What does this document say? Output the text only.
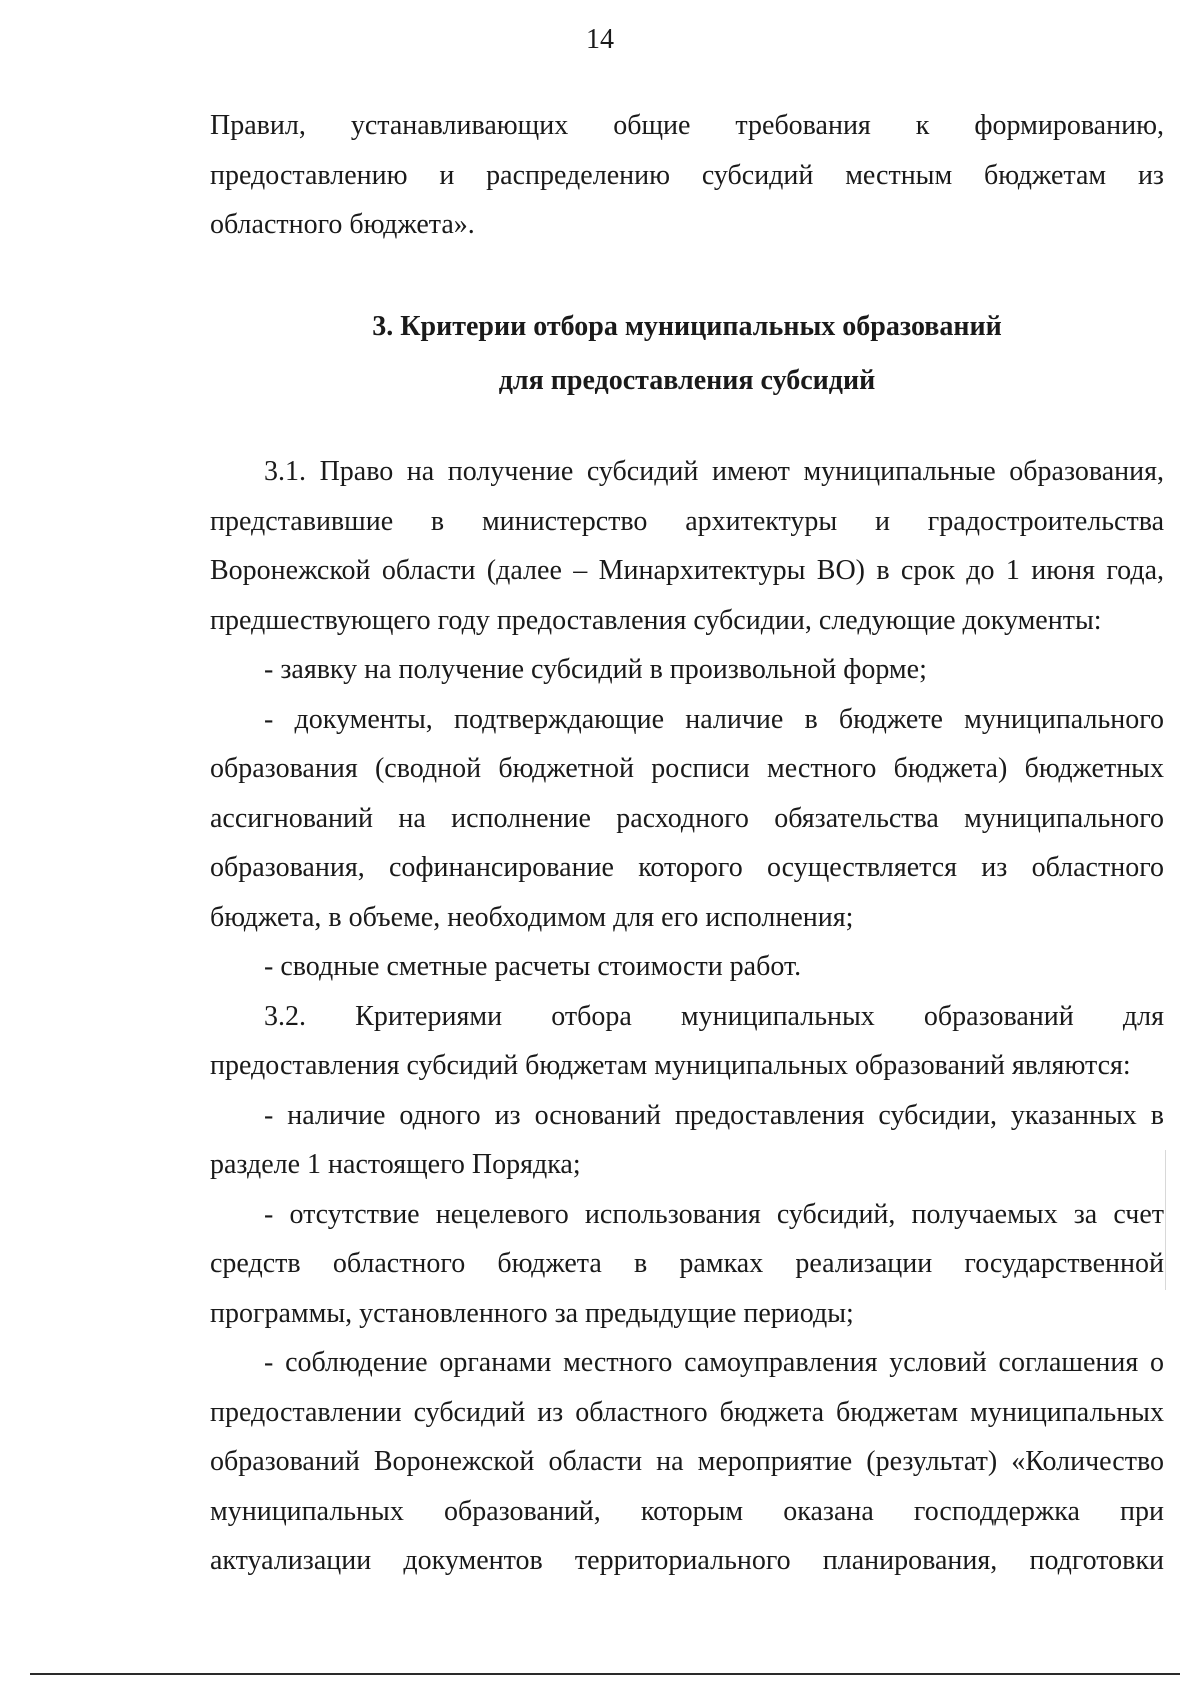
14
Правил, устанавливающих общие требования к формированию,
предоставлению и распределению субсидий местным бюджетам из
областного бюджета».
3. Критерии отбора муниципальных образований
для предоставления субсидий
3.1. Право на получение субсидий имеют муниципальные образования,
представившие в министерство архитектуры и градостроительства
Воронежской области (далее – Минархитектуры ВО) в срок до 1 июня года,
предшествующего году предоставления субсидии, следующие документы:
- заявку на получение субсидий в произвольной форме;
- документы, подтверждающие наличие в бюджете муниципального
образования (сводной бюджетной росписи местного бюджета) бюджетных
ассигнований на исполнение расходного обязательства муниципального
образования, софинансирование которого осуществляется из областного
бюджета, в объеме, необходимом для его исполнения;
- сводные сметные расчеты стоимости работ.
3.2. Критериями отбора муниципальных образований для
предоставления субсидий бюджетам муниципальных образований являются:
- наличие одного из оснований предоставления субсидии, указанных в
разделе 1 настоящего Порядка;
- отсутствие нецелевого использования субсидий, получаемых за счет
средств областного бюджета в рамках реализации государственной
программы, установленного за предыдущие периоды;
- соблюдение органами местного самоуправления условий соглашения о
предоставлении субсидий из областного бюджета бюджетам муниципальных
образований Воронежской области на мероприятие (результат) «Количество
муниципальных образований, которым оказана господдержка при
актуализации документов территориального планирования, подготовки
